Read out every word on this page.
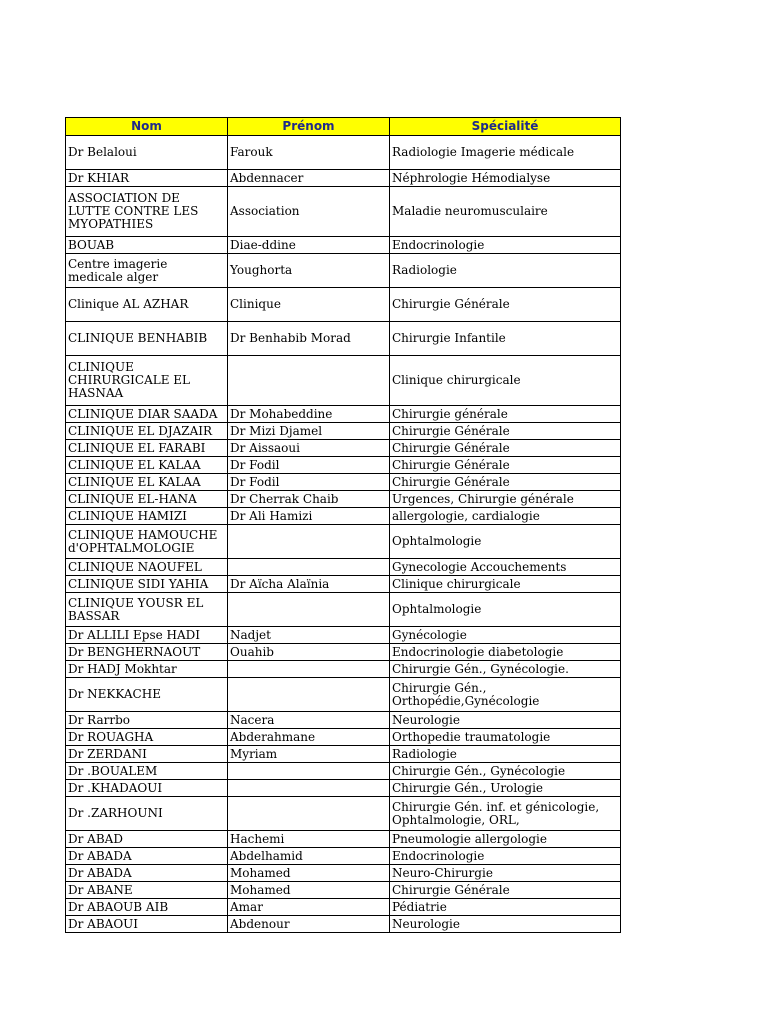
Nom	Prénom	Spécialité
Dr Belaloui	Farouk	Radiologie Imagerie médicale
Dr KHIAR	Abdennacer	Néphrologie Hémodialyse
ASSOCIATION DE LUTTE CONTRE LES MYOPATHIES	Association	Maladie neuromusculaire
BOUAB	Diae-ddine	Endocrinologie
Centre imagerie medicale alger	Youghorta	Radiologie
Clinique AL AZHAR	Clinique	Chirurgie Générale
CLINIQUE BENHABIB	Dr Benhabib Morad	Chirurgie Infantile
CLINIQUE CHIRURGICALE EL HASNAA		Clinique chirurgicale
CLINIQUE DIAR SAADA	Dr Mohabeddine	Chirurgie générale
CLINIQUE EL DJAZAIR	Dr Mizi Djamel	Chirurgie Générale
CLINIQUE EL FARABI	Dr Aissaoui	Chirurgie Générale
CLINIQUE EL KALAA	Dr Fodil	Chirurgie Générale
CLINIQUE EL KALAA	Dr Fodil	Chirurgie Générale
CLINIQUE EL-HANA	Dr Cherrak Chaib	Urgences, Chirurgie générale
CLINIQUE HAMIZI	Dr Ali Hamizi	allergologie, cardialogie
CLINIQUE HAMOUCHE d'OPHTALMOLOGIE		Ophtalmologie
CLINIQUE NAOUFEL		Gynecologie Accouchements
CLINIQUE SIDI YAHIA	Dr Aïcha Alaïnia	Clinique chirurgicale
CLINIQUE YOUSR EL BASSAR		Ophtalmologie
Dr ALLILI Epse HADI	Nadjet	Gynécologie
Dr BENGHERNAOUT	Ouahib	Endocrinologie diabetologie
Dr HADJ Mokhtar		Chirurgie Gén., Gynécologie.
Dr NEKKACHE		Chirurgie Gén., Orthopédie,Gynécologie
Dr Rarrbo	Nacera	Neurologie
Dr ROUAGHA	Abderahmane	Orthopedie traumatologie
Dr ZERDANI	Myriam	Radiologie
Dr .BOUALEM		Chirurgie Gén., Gynécologie
Dr .KHADAOUI		Chirurgie Gén., Urologie
Dr .ZARHOUNI		Chirurgie Gén. inf. et génicologie, Ophtalmologie, ORL,
Dr ABAD	Hachemi	Pneumologie allergologie
Dr ABADA	Abdelhamid	Endocrinologie
Dr ABADA	Mohamed	Neuro-Chirurgie
Dr ABANE	Mohamed	Chirurgie Générale
Dr ABAOUB AIB	Amar	Pédiatrie
Dr ABAOUI	Abdenour	Neurologie
